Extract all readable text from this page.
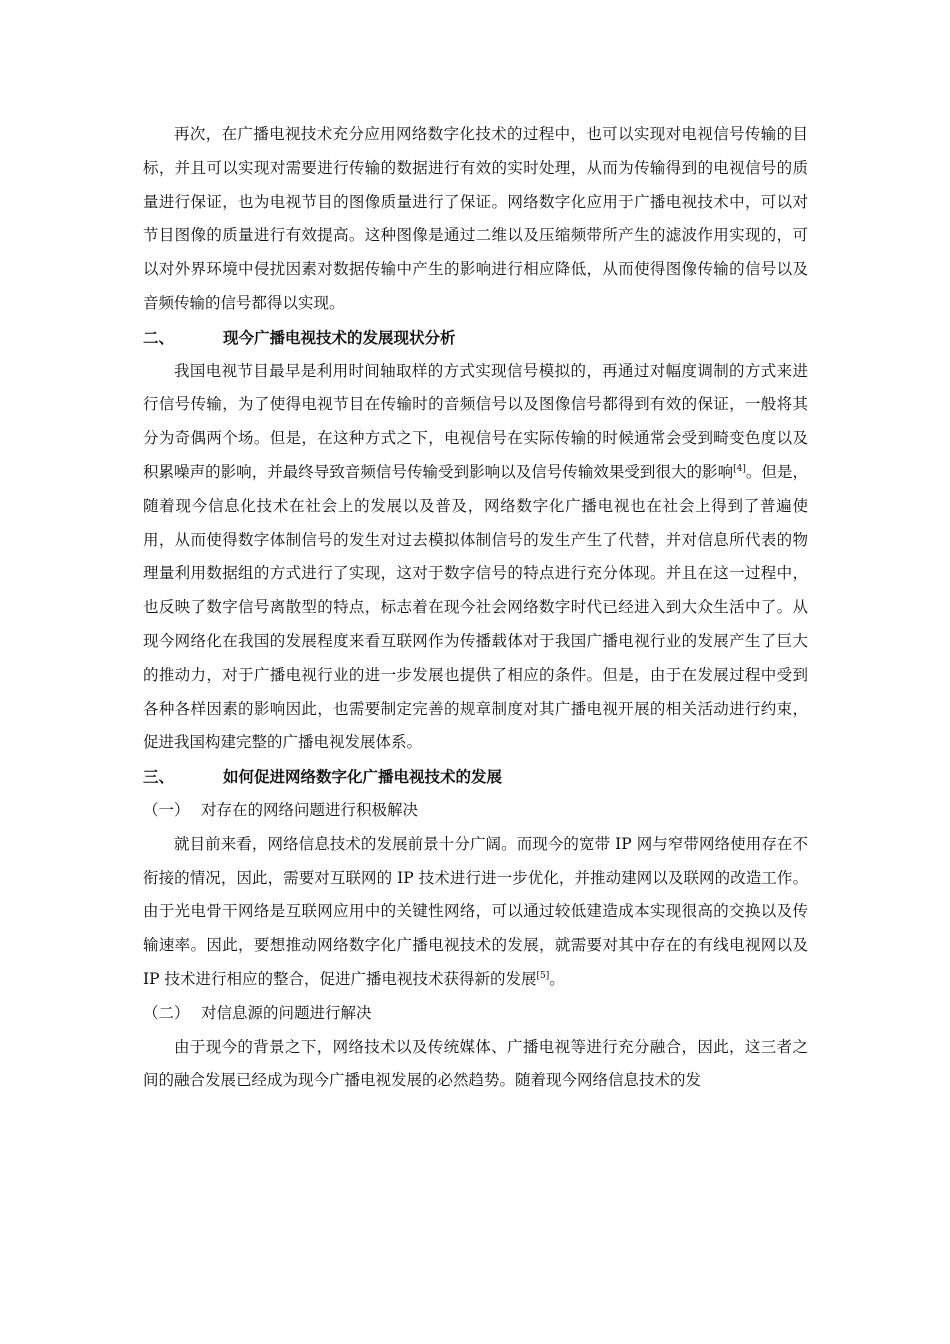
再次，在广播电视技术充分应用网络数字化技术的过程中，也可以实现对电视信号传输的目标，并且可以实现对需要进行传输的数据进行有效的实时处理，从而为传输得到的电视信号的质量进行保证，也为电视节目的图像质量进行了保证。网络数字化应用于广播电视技术中，可以对节目图像的质量进行有效提高。这种图像是通过二维以及压缩频带所产生的滤波作用实现的，可以对外界环境中侵扰因素对数据传输中产生的影响进行相应降低，从而使得图像传输的信号以及音频传输的信号都得以实现。

二、	现今广播电视技术的发展现状分析

我国电视节目最早是利用时间轴取样的方式实现信号模拟的，再通过对幅度调制的方式来进行信号传输，为了使得电视节目在传输时的音频信号以及图像信号都得到有效的保证，一般将其分为奇偶两个场。但是，在这种方式之下，电视信号在实际传输的时候通常会受到畸变色度以及积累噪声的影响，并最终导致音频信号传输受到影响以及信号传输效果受到很大的影响[4]。但是，随着现今信息化技术在社会上的发展以及普及，网络数字化广播电视也在社会上得到了普遍使用，从而使得数字体制信号的发生对过去模拟体制信号的发生产生了代替，并对信息所代表的物理量利用数据组的方式进行了实现，这对于数字信号的特点进行充分体现。并且在这一过程中，也反映了数字信号离散型的特点，标志着在现今社会网络数字时代已经进入到大众生活中了。从现今网络化在我国的发展程度来看互联网作为传播载体对于我国广播电视行业的发展产生了巨大的推动力，对于广播电视行业的进一步发展也提供了相应的条件。但是，由于在发展过程中受到各种各样因素的影响因此，也需要制定完善的规章制度对其广播电视开展的相关活动进行约束，促进我国构建完整的广播电视发展体系。

三、	如何促进网络数字化广播电视技术的发展
（一） 对存在的网络问题进行积极解决

就目前来看，网络信息技术的发展前景十分广阔。而现今的宽带 IP 网与窄带网络使用存在不衔接的情况，因此，需要对互联网的 IP 技术进行进一步优化，并推动建网以及联网的改造工作。由于光电骨干网络是互联网应用中的关键性网络，可以通过较低建造成本实现很高的交换以及传输速率。因此，要想推动网络数字化广播电视技术的发展，就需要对其中存在的有线电视网以及 IP 技术进行相应的整合，促进广播电视技术获得新的发展[5]。

（二） 对信息源的问题进行解决

由于现今的背景之下，网络技术以及传统媒体、广播电视等进行充分融合，因此，这三者之间的融合发展已经成为现今广播电视发展的必然趋势。随着现今网络信息技术的发
